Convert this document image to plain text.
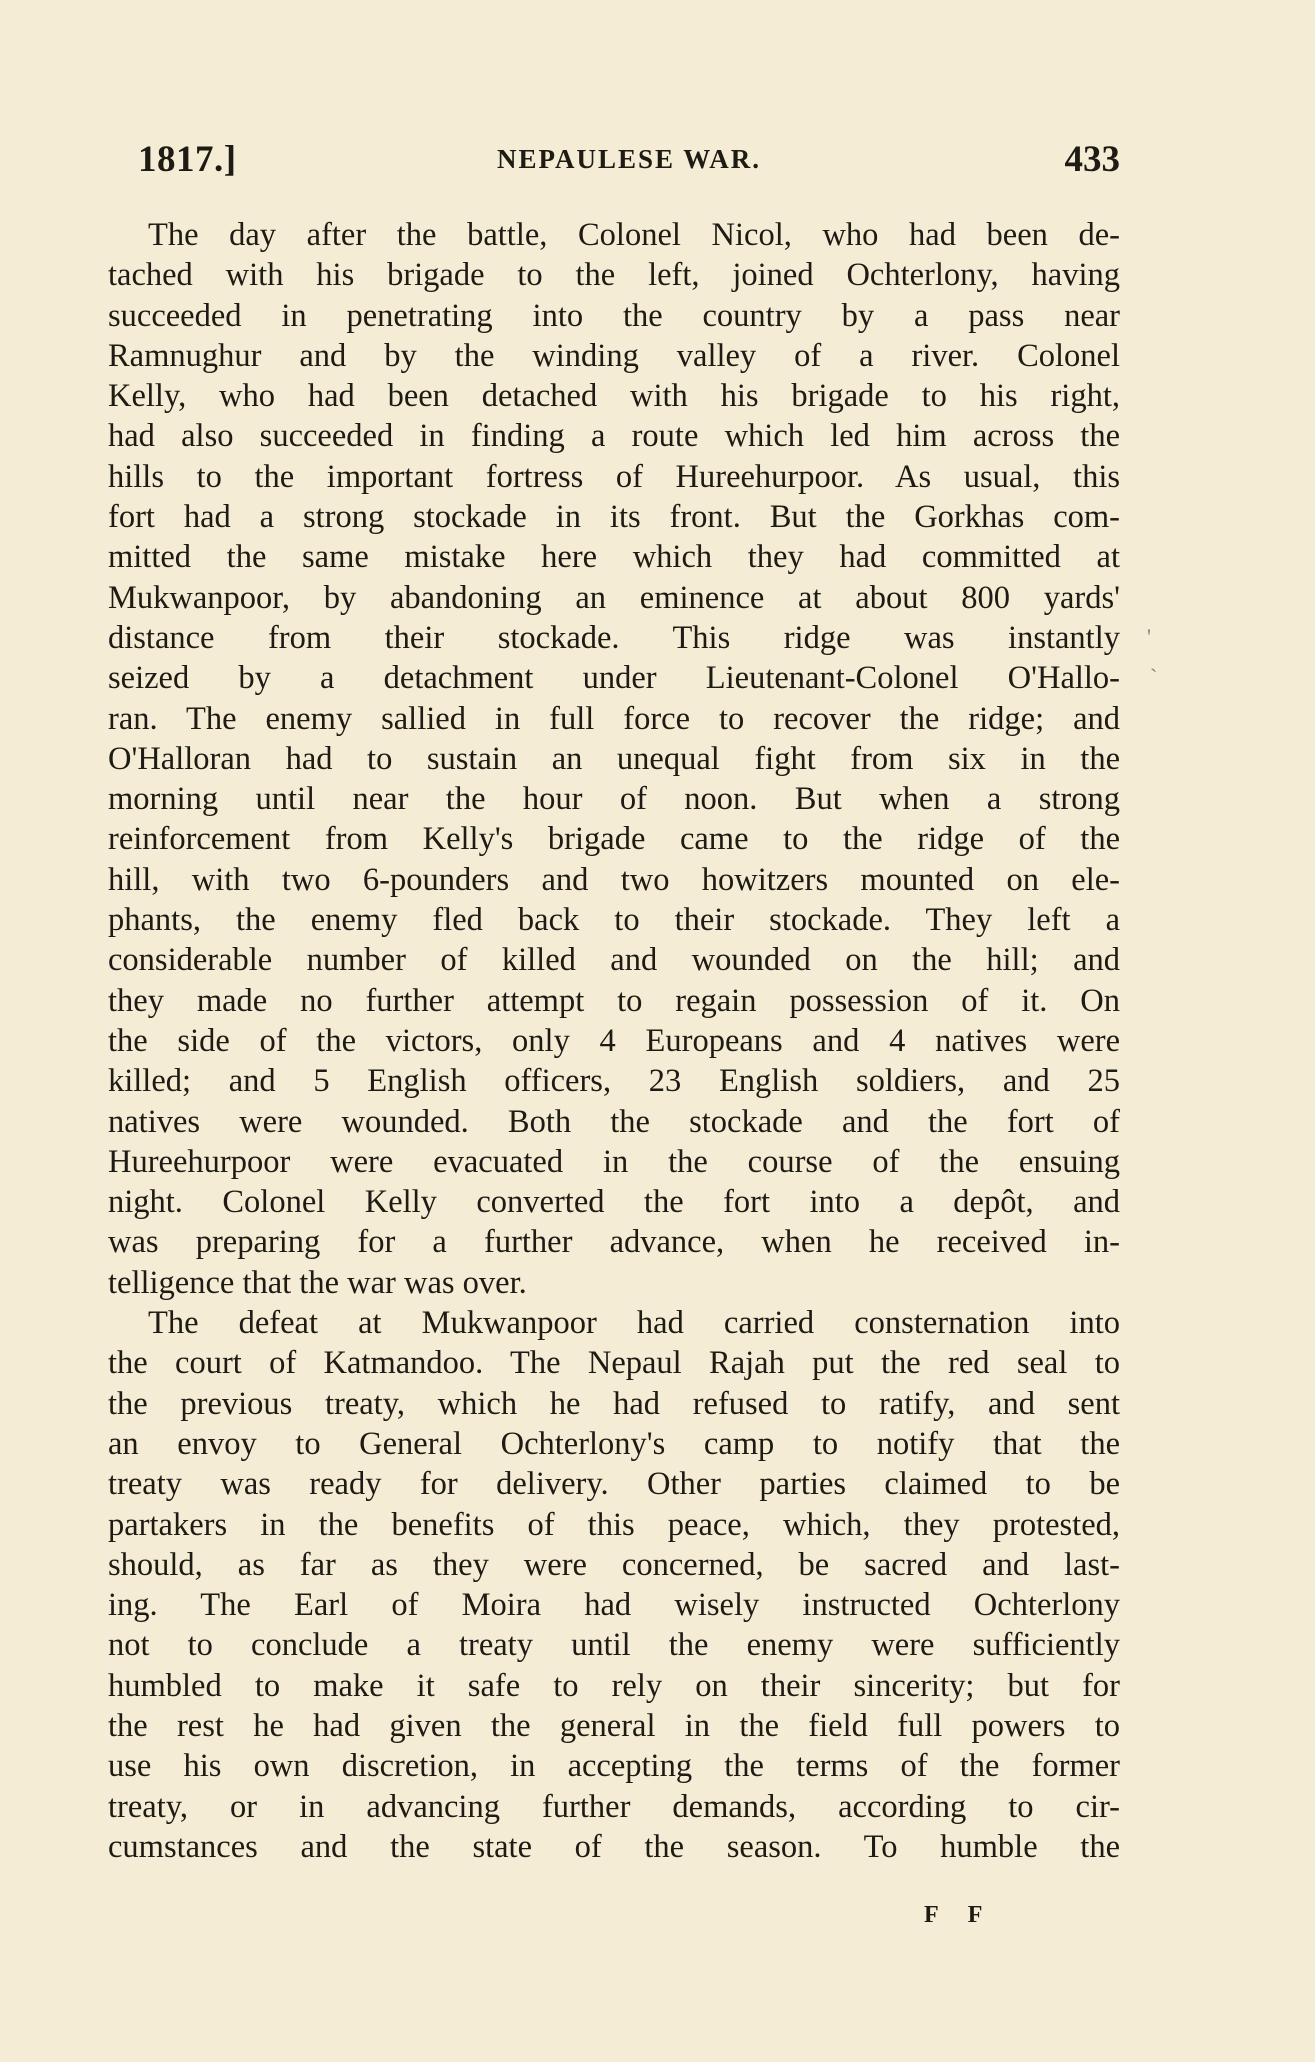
1817.]	NEPAULESE WAR.	433
The day after the battle, Colonel Nicol, who had been de-
tached with his brigade to the left, joined Ochterlony, having
succeeded in penetrating into the country by a pass near
Ramnughur and by the winding valley of a river. Colonel
Kelly, who had been detached with his brigade to his right,
had also succeeded in finding a route which led him across the
hills to the important fortress of Hureehurpoor. As usual, this
fort had a strong stockade in its front. But the Gorkhas com-
mitted the same mistake here which they had committed at
Mukwanpoor, by abandoning an eminence at about 800 yards'
distance from their stockade. This ridge was instantly
seized by a detachment under Lieutenant-Colonel O'Hallo-
ran. The enemy sallied in full force to recover the ridge; and
O'Halloran had to sustain an unequal fight from six in the
morning until near the hour of noon. But when a strong
reinforcement from Kelly's brigade came to the ridge of the
hill, with two 6-pounders and two howitzers mounted on ele-
phants, the enemy fled back to their stockade. They left a
considerable number of killed and wounded on the hill; and
they made no further attempt to regain possession of it. On
the side of the victors, only 4 Europeans and 4 natives were
killed; and 5 English officers, 23 English soldiers, and 25
natives were wounded. Both the stockade and the fort of
Hureehurpoor were evacuated in the course of the ensuing
night. Colonel Kelly converted the fort into a depôt, and
was preparing for a further advance, when he received in-
telligence that the war was over.
The defeat at Mukwanpoor had carried consternation into
the court of Katmandoo. The Nepaul Rajah put the red seal to
the previous treaty, which he had refused to ratify, and sent
an envoy to General Ochterlony's camp to notify that the
treaty was ready for delivery. Other parties claimed to be
partakers in the benefits of this peace, which, they protested,
should, as far as they were concerned, be sacred and last-
ing. The Earl of Moira had wisely instructed Ochterlony
not to conclude a treaty until the enemy were sufficiently
humbled to make it safe to rely on their sincerity; but for
the rest he had given the general in the field full powers to
use his own discretion, in accepting the terms of the former
treaty, or in advancing further demands, according to cir-
cumstances and the state of the season. To humble the
F F
'
`
